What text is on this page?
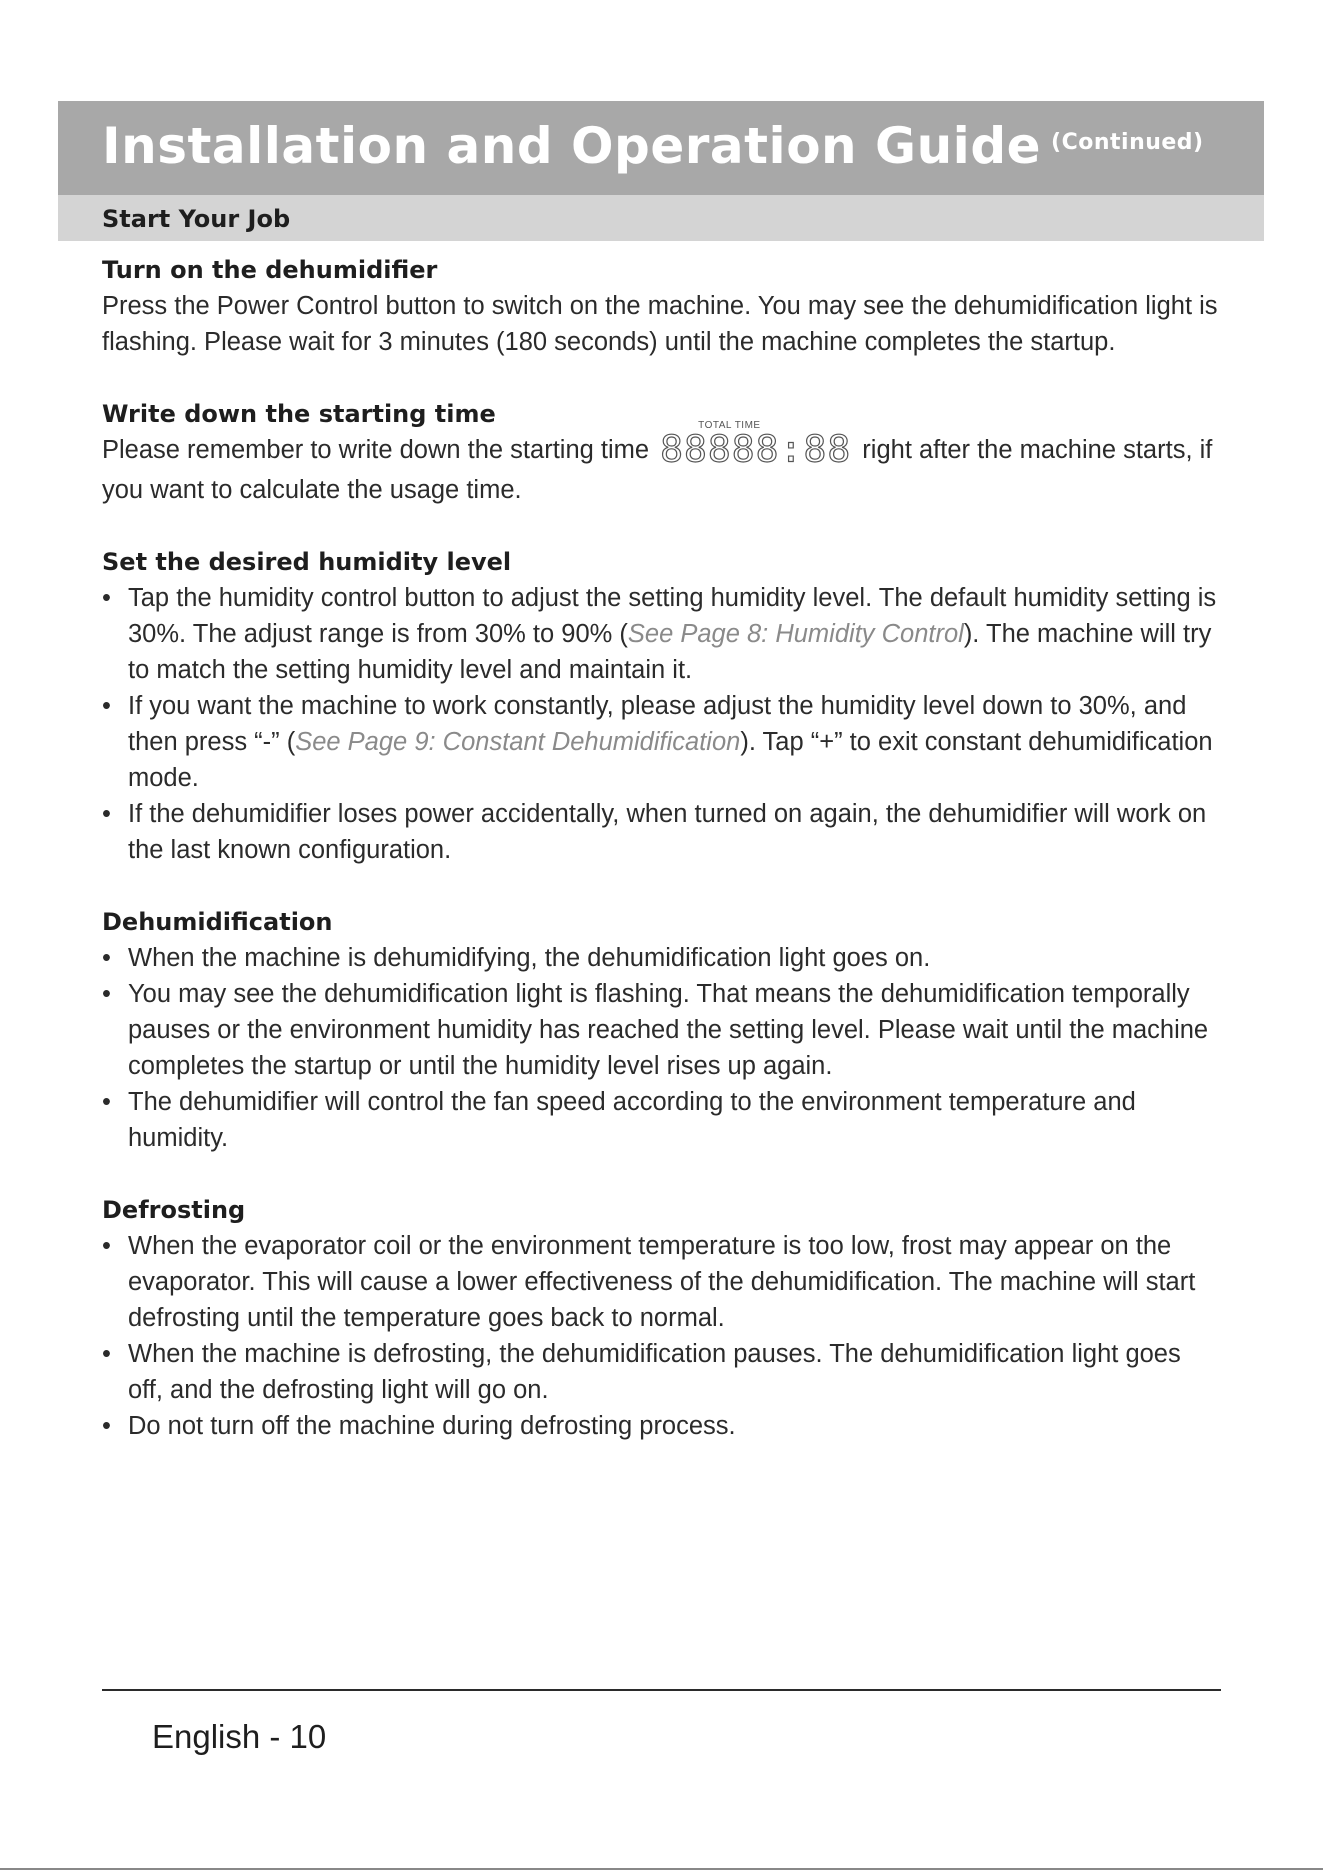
Installation and Operation Guide $^{(Continued)}$
Start Your Job
Turn on the dehumidifier

Press the Power Control button to switch on the machine. You may see the dehumidification light is flashing. Please wait for 3 minutes (180 seconds) until the machine completes the startup.

Write down the starting time

Please remember to write down the starting time
TOTAL TIME
88888:88 right after the machine starts, if you want to calculate the usage time.

Set the desired humidity level
• Tap the humidity control button to adjust the setting humidity level. The default humidity setting is 30%. The adjust range is from 30% to 90% (See Page 8: Humidity Control). The machine will try to match the setting humidity level and maintain it.
• If you want the machine to work constantly, please adjust the humidity level down to 30%, and then press “-” (See Page 9: Constant Dehumidification). Tap “+” to exit constant dehumidification mode.
• If the dehumidifier loses power accidentally, when turned on again, the dehumidifier will work on the last known configuration.
Dehumidification
• When the machine is dehumidifying, the dehumidification light goes on.
• You may see the dehumidification light is flashing. That means the dehumidification temporally pauses or the environment humidity has reached the setting level. Please wait until the machine completes the startup or until the humidity level rises up again.
• The dehumidifier will control the fan speed according to the environment temperature and humidity.
Defrosting
• When the evaporator coil or the environment temperature is too low, frost may appear on the evaporator. This will cause a lower effectiveness of the dehumidification. The machine will start defrosting until the temperature goes back to normal.
• When the machine is defrosting, the dehumidification pauses. The dehumidification light goes off, and the defrosting light will go on.
• Do not turn off the machine during defrosting process.
English - 10
